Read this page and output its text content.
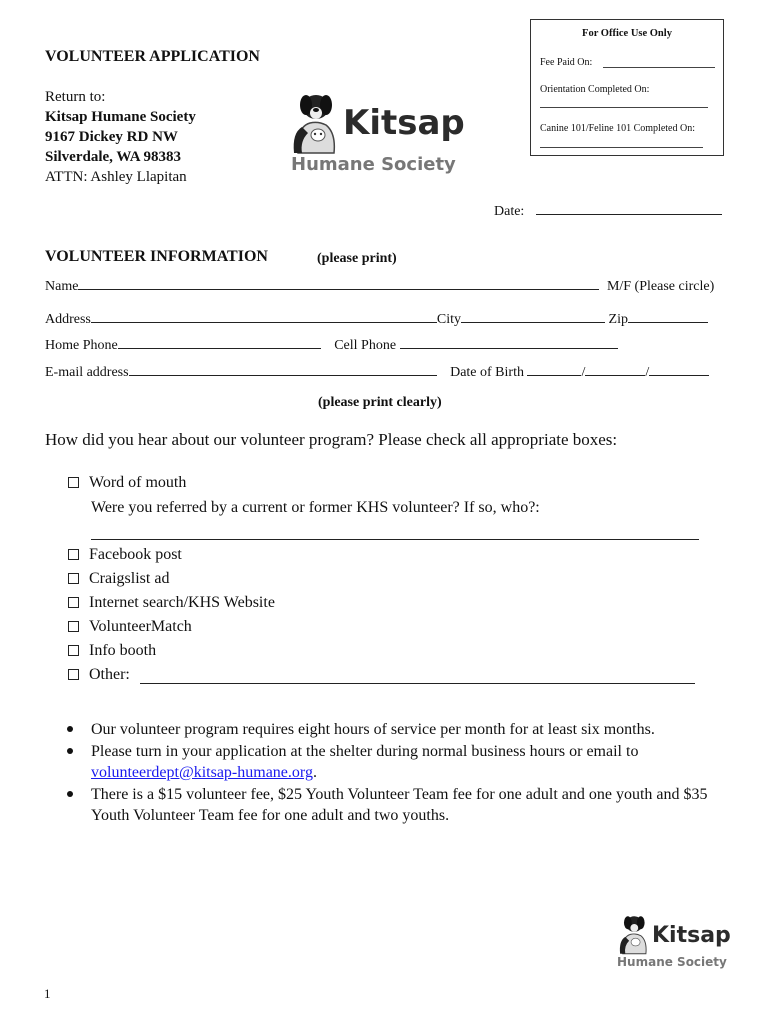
For Office Use Only
Fee Paid On:
Orientation Completed On:
Canine 101/Feline 101 Completed On:
VOLUNTEER APPLICATION
Return to:
Kitsap Humane Society
9167 Dickey RD NW
Silverdale, WA 98383
ATTN: Ashley Llapitan
Kitsap
Humane Society
Date:
VOLUNTEER INFORMATION	(please print)
Name	M/F (Please circle)
Address	City	Zip
Home Phone	Cell Phone
E-mail address	Date of Birth	/	/
(please print clearly)
How did you hear about our volunteer program? Please check all appropriate boxes:
Word of mouth
Were you referred by a current or former KHS volunteer? If so, who?:
Facebook post
Craigslist ad
Internet search/KHS Website
VolunteerMatch
Info booth
Other:
Our volunteer program requires eight hours of service per month for at least six months.
Please turn in your application at the shelter during normal business hours or email to volunteerdept@kitsap-humane.org.
There is a $15 volunteer fee, $25 Youth Volunteer Team fee for one adult and one youth and $35 Youth Volunteer Team fee for one adult and two youths.
Kitsap
Humane Society
1
